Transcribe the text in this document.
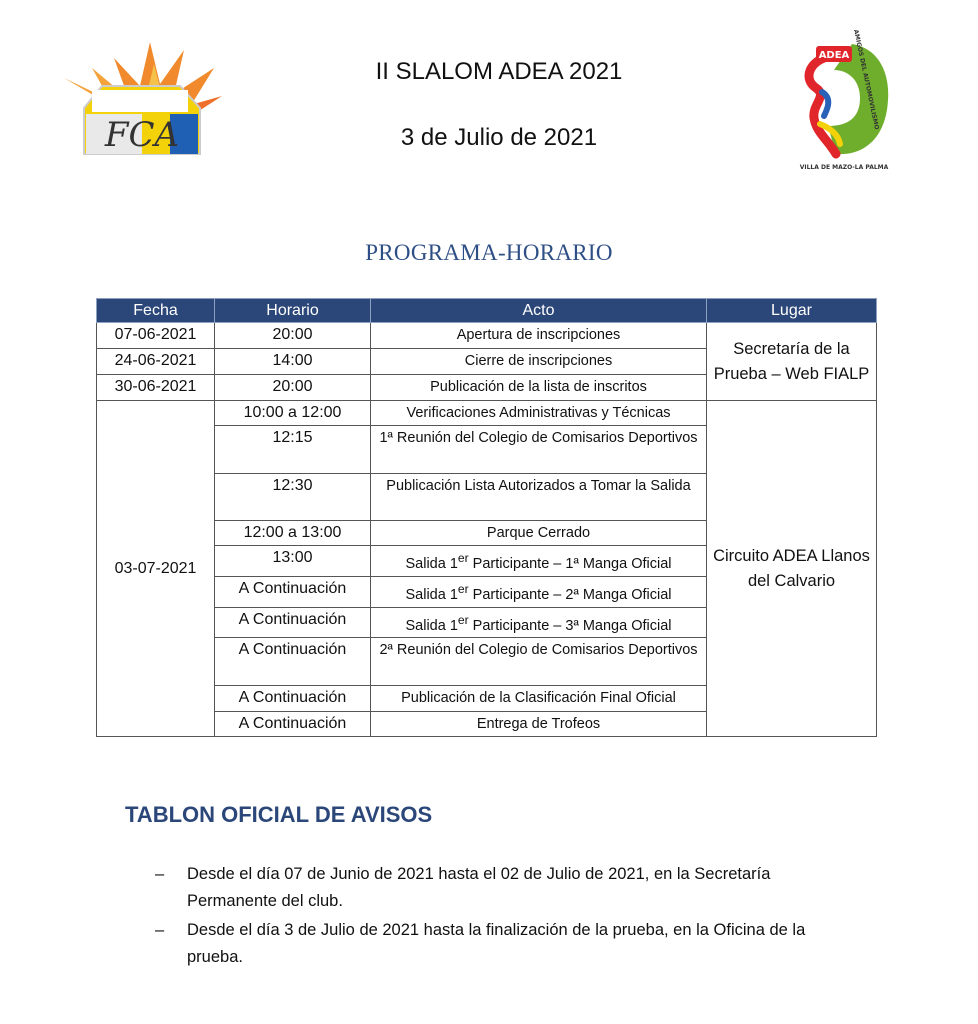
FCA
II SLALOM ADEA 2021
3 de Julio de 2021
ADEA
VILLA DE MAZO-LA PALMA
AMIGOS DEL AUTOMOVILISMO
PROGRAMA-HORARIO
Fecha	Horario	Acto	Lugar
07-06-2021	20:00	Apertura de inscripciones	Secretaría de la Prueba – Web FIALP
24-06-2021	14:00	Cierre de inscripciones	
30-06-2021	20:00	Publicación de la lista de inscritos	
03-07-2021	10:00 a 12:00	Verificaciones Administrativas y Técnicas	Circuito ADEA Llanos del Calvario
	12:15	1ª Reunión del Colegio de Comisarios Deportivos	
	12:30	Publicación Lista Autorizados a Tomar la Salida	
	12:00 a 13:00	Parque Cerrado	
	13:00	Salida 1er Participante – 1ª Manga Oficial	
	A Continuación	Salida 1er Participante – 2ª Manga Oficial	
	A Continuación	Salida 1er Participante – 3ª Manga Oficial	
	A Continuación	2ª Reunión del Colegio de Comisarios Deportivos	
	A Continuación	Publicación de la Clasificación Final Oficial	
	A Continuación	Entrega de Trofeos	
TABLON OFICIAL DE AVISOS
– Desde el día 07 de Junio de 2021 hasta el 02 de Julio de 2021, en la Secretaría Permanente del club.
– Desde el día 3 de Julio de 2021 hasta la finalización de la prueba, en la Oficina de la prueba.
